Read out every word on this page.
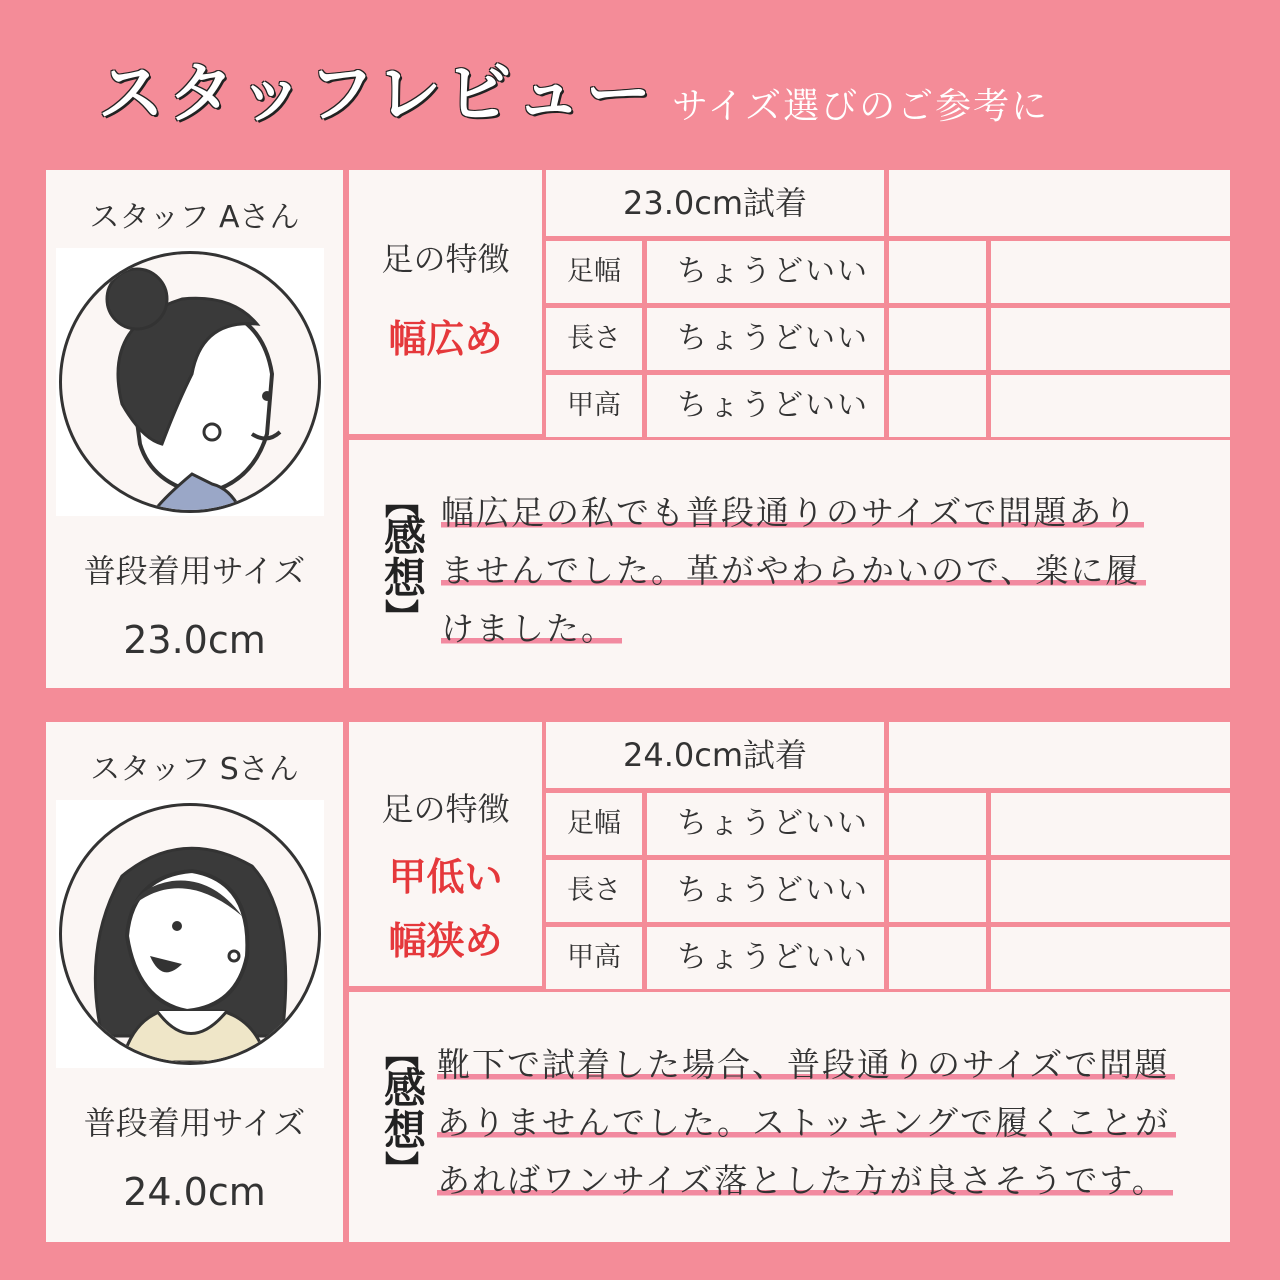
スタッフレビュー サイズ選びのご参考に
スタッフ Aさん
普段着用サイズ
23.0cm
足の特徴
幅広め
23.0cm試着
足幅	ちょうどいい
長さ	ちょうどいい
甲高	ちょうどいい
︻
感想
︼
幅広足の私でも普段通りのサイズで問題あり
ませんでした。革がやわらかいので、楽に履
けました。
スタッフ Sさん
普段着用サイズ
24.0cm
足の特徴
甲低い
幅狭め
24.0cm試着
足幅	ちょうどいい
長さ	ちょうどいい
甲高	ちょうどいい
︻
感想
︼
靴下で試着した場合、普段通りのサイズで問題
ありませんでした。ストッキングで履くことが
あればワンサイズ落とした方が良さそうです。
